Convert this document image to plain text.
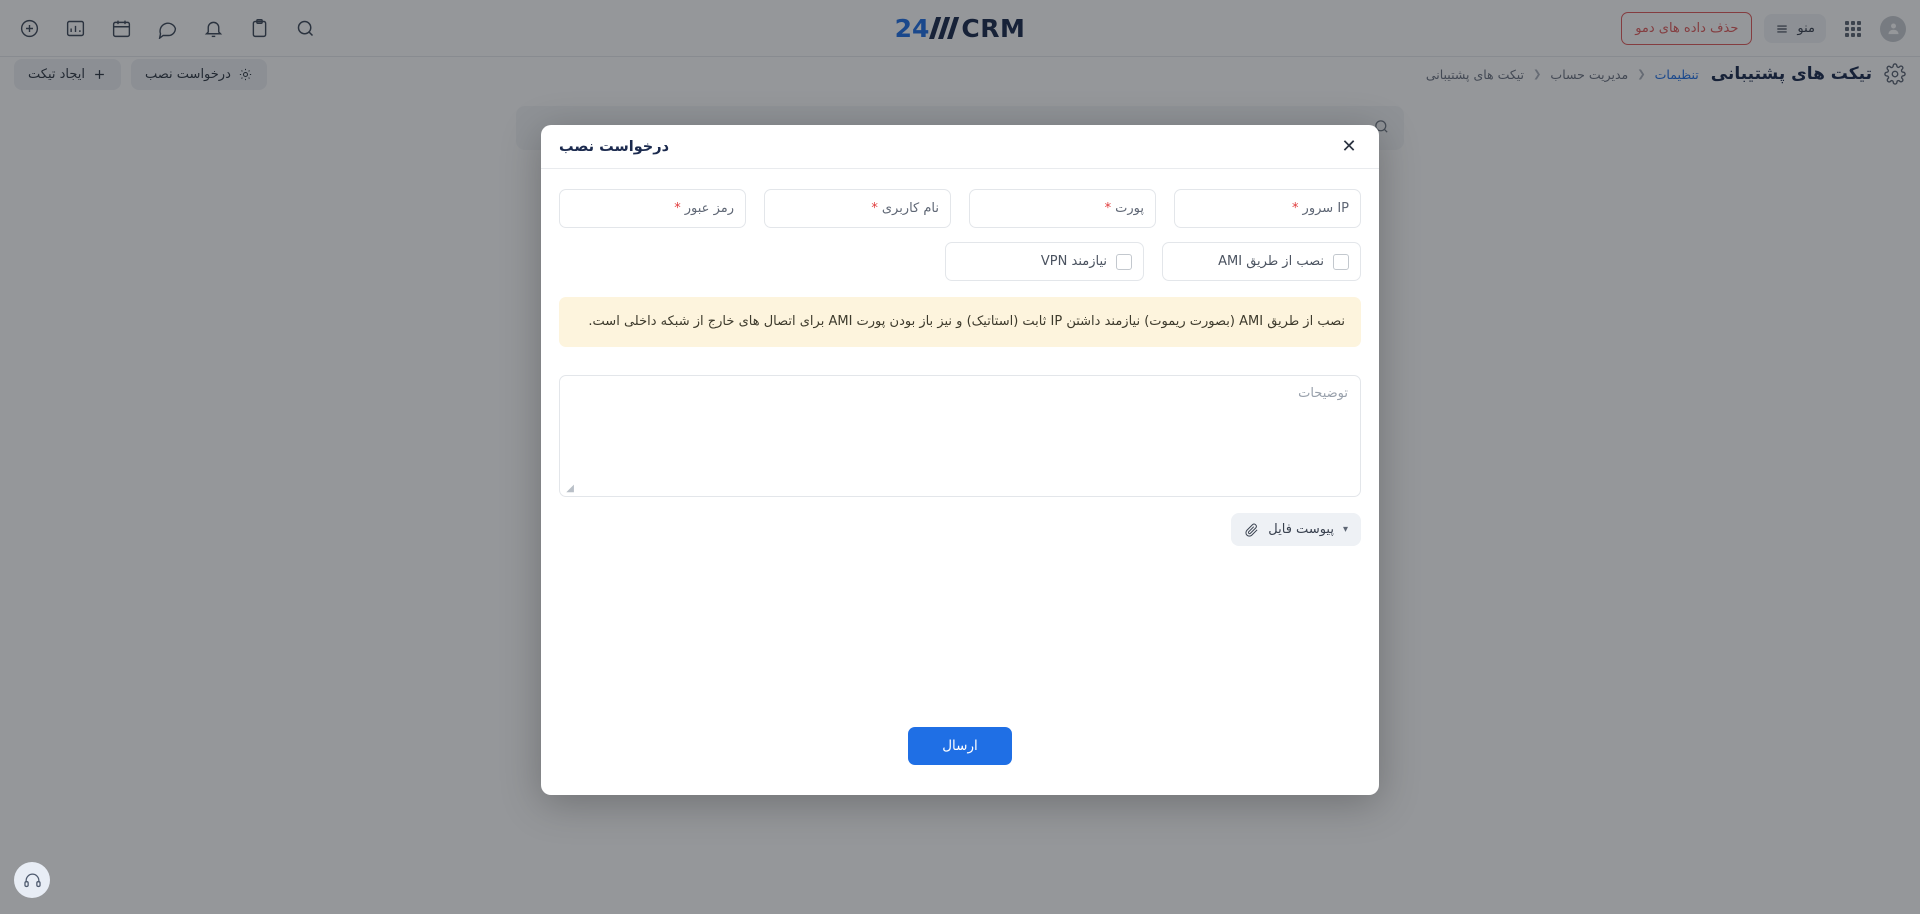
CRM
24	منو
حذف داده های دمو
تیکت های پشتیبانی
تنظیمات
❮
مدیریت حساب
❮
تیکت های پشتیبانی
درخواست نصب
ایجاد تیکت
✕
درخواست نصب
* IP سرور
* پورت
* نام کاربری
* رمز عبور
نصب از طریق AMI
نیازمند VPN
نصب از طریق AMI (بصورت ریموت) نیازمند داشتن IP ثابت (استاتیک) و نیز باز بودن پورت AMI برای اتصال های خارج از شبکه داخلی است.
توضیحات
◢
▾
پیوست فایل
ارسال
